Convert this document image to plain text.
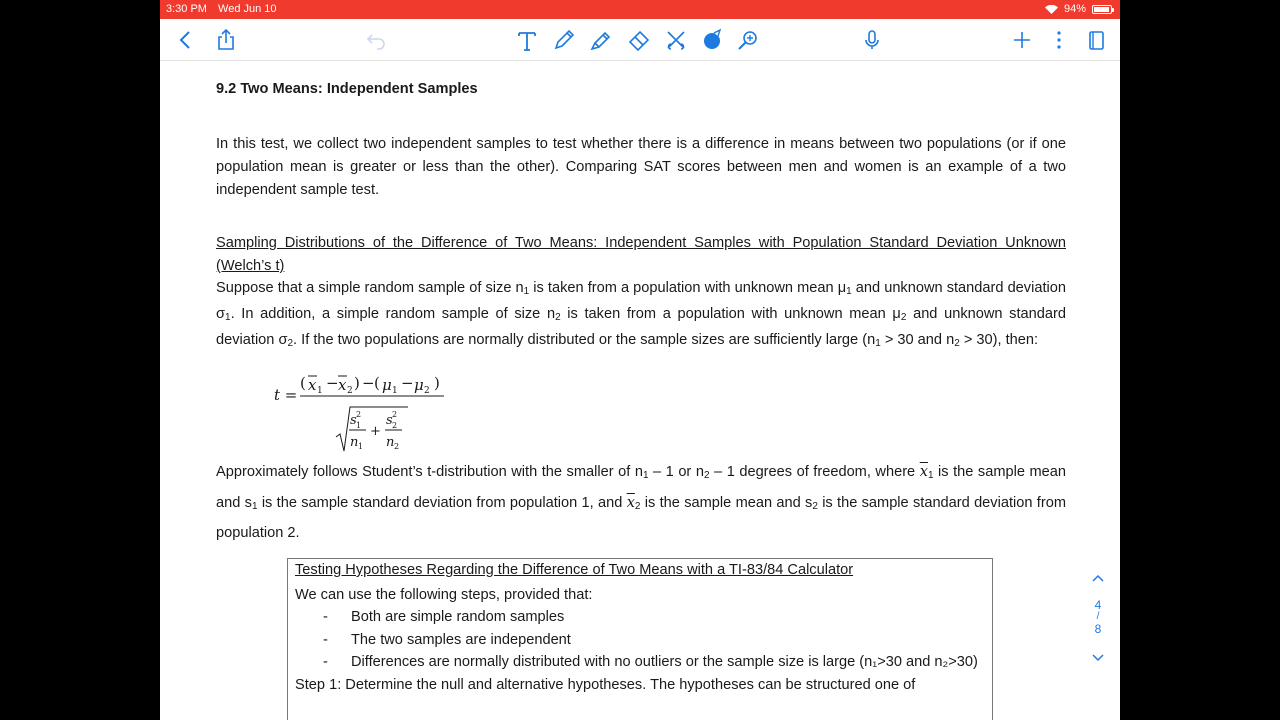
3:30 PM Wed Jun 10	94%
9.2 Two Means: Independent Samples
In this test, we collect two independent samples to test whether there is a difference in means between two populations (or if one population mean is greater or less than the other). Comparing SAT scores between men and women is an example of a two independent sample test.
Sampling Distributions of the Difference of Two Means: Independent Samples with Population Standard Deviation Unknown (Welch’s t)
Suppose that a simple random sample of size $n_1$ is taken from a population with unknown mean $\mu_1$ and unknown standard deviation $\sigma_1$. In addition, a simple random sample of size $n_2$ is taken from a population with unknown mean $\mu_2$ and unknown standard deviation $\sigma_2$. If the two populations are normally distributed or the sample sizes are sufficiently large ($n_1 > 30$ and $n_2 > 30$), then:
t =
( x 1 − x 2 ) − ( μ 1 − μ 2 )
s 2
1
n 1
+
s 2
2
n 2
Approximately follows Student’s t-distribution with the smaller of $n_1 - 1$ or $n_2 - 1$ degrees of freedom, where $\overline{x}_1$ is the sample mean and $s_1$ is the sample standard deviation from population 1, and $\overline{x}_2$ is the sample mean and $s_2$ is the sample standard deviation from population 2.
Testing Hypotheses Regarding the Difference of Two Means with a TI-83/84 Calculator
We can use the following steps, provided that:
-	Both are simple random samples
-	The two samples are independent
-	Differences are normally distributed with no outliers or the sample size is large (n₁>30 and n₂>30)
Step 1: Determine the null and alternative hypotheses. The hypotheses can be structured one of
4
/
8
